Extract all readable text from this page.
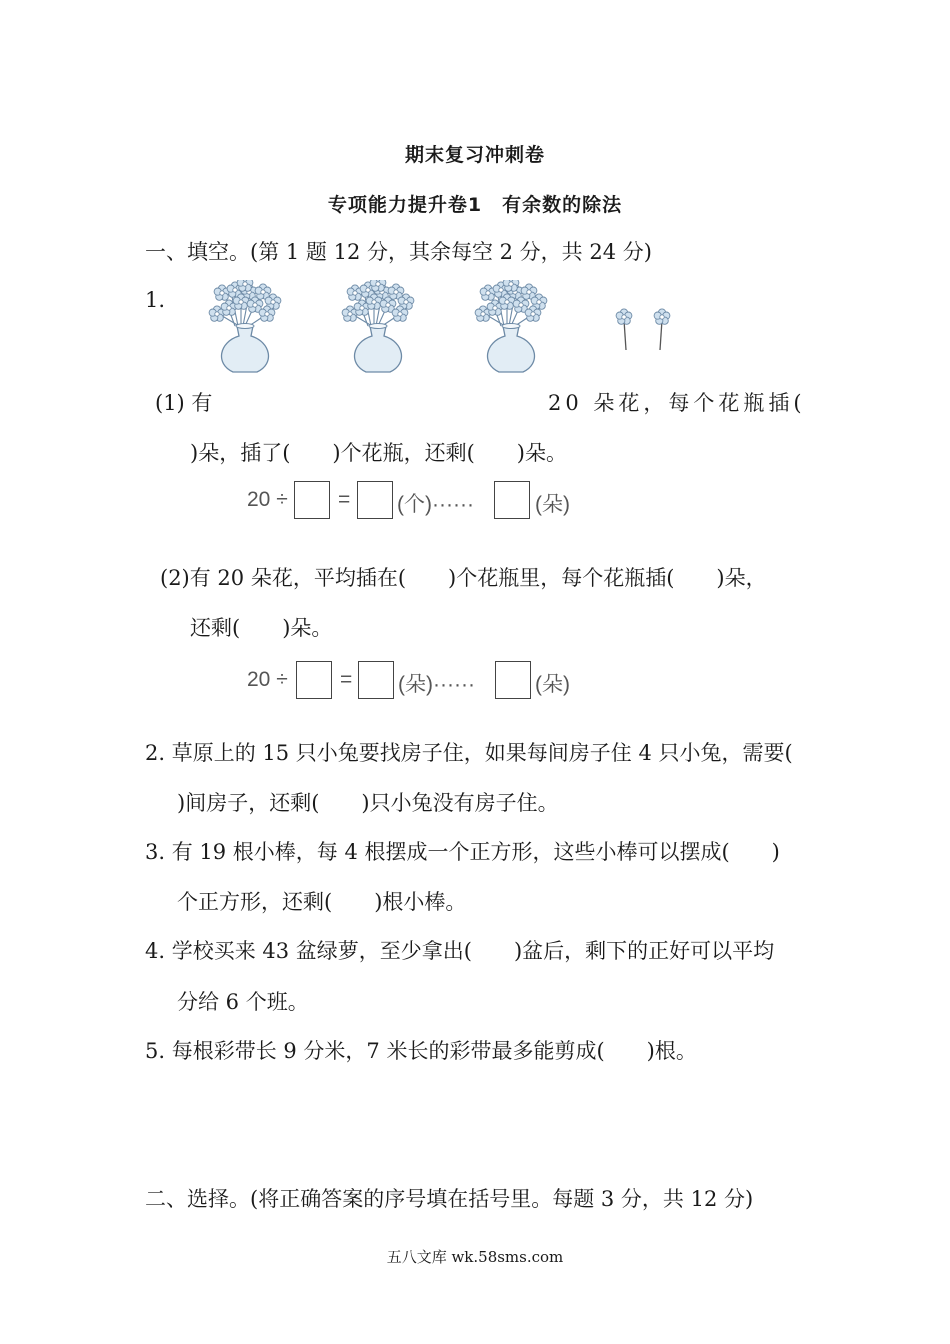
期末复习冲刺卷
专项能力提升卷1　有余数的除法
一、填空。(第 1 题 12 分，其余每空 2 分，共 24 分)
1.
(1) 有	20 朵花，每个花瓶插(
)朵，插了(　　)个花瓶，还剩(　　)朵。
20 ÷ = (个)······	(朵)
(2)有 20 朵花，平均插在(　　)个花瓶里，每个花瓶插(　　)朵，
还剩(　　)朵。
20 ÷ = (朵)······	(朵)
2. 草原上的 15 只小兔要找房子住，如果每间房子住 4 只小兔，需要(
)间房子，还剩(　　)只小兔没有房子住。
3. 有 19 根小棒，每 4 根摆成一个正方形，这些小棒可以摆成(　　)
个正方形，还剩(　　)根小棒。
4. 学校买来 43 盆绿萝，至少拿出(　　)盆后，剩下的正好可以平均
分给 6 个班。
5. 每根彩带长 9 分米，7 米长的彩带最多能剪成(　　)根。
二、选择。(将正确答案的序号填在括号里。每题 3 分，共 12 分)
五八文库 wk.58sms.com
